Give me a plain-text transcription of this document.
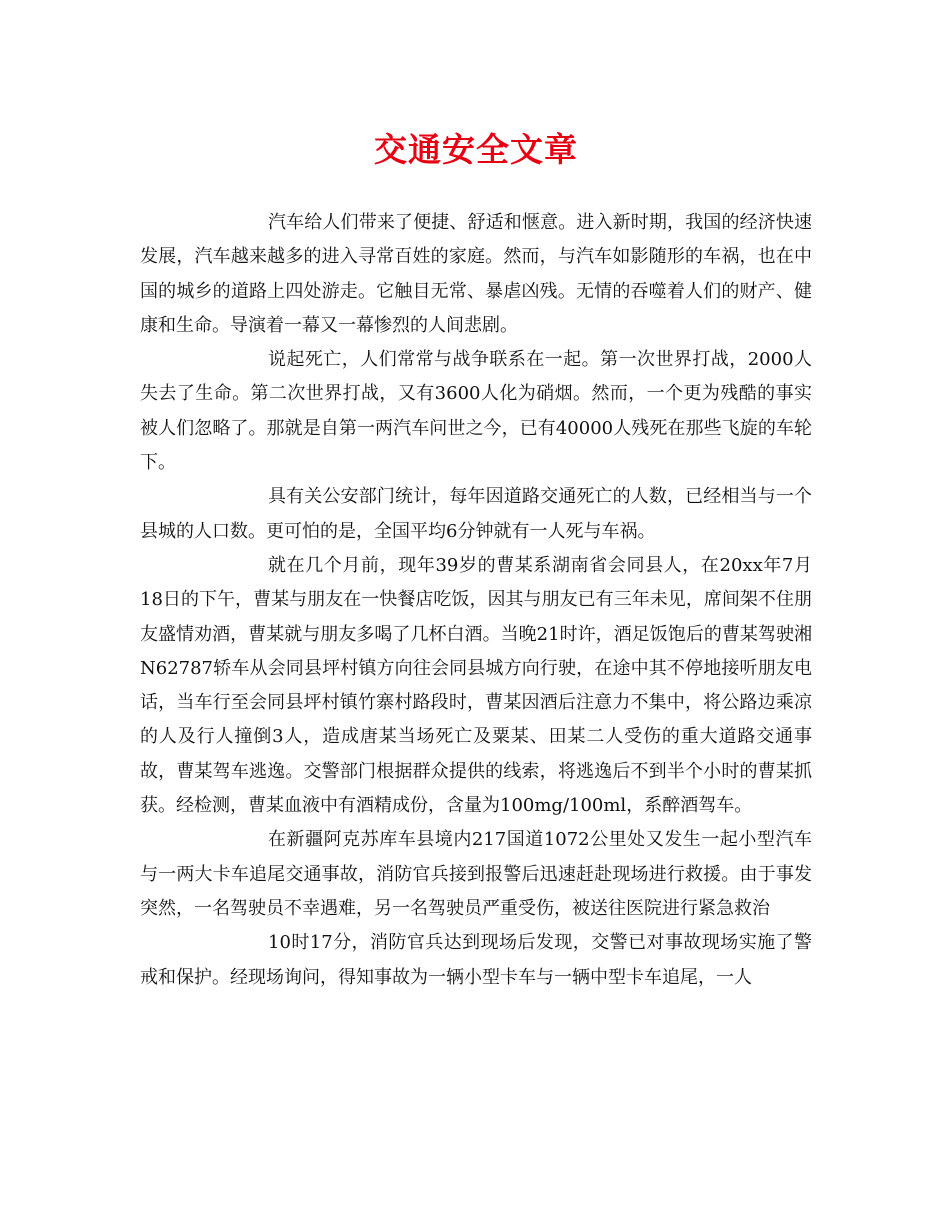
交通安全文章

汽车给人们带来了便捷、舒适和惬意。进入新时期，我国的经济快速发展，汽车越来越多的进入寻常百姓的家庭。然而，与汽车如影随形的车祸，也在中国的城乡的道路上四处游走。它触目无常、暴虐凶残。无情的吞噬着人们的财产、健康和生命。导演着一幕又一幕惨烈的人间悲剧。

说起死亡，人们常常与战争联系在一起。第一次世界打战，2000人失去了生命。第二次世界打战，又有3600人化为硝烟。然而，一个更为残酷的事实被人们忽略了。那就是自第一两汽车问世之今，已有40000人残死在那些飞旋的车轮下。

具有关公安部门统计，每年因道路交通死亡的人数，已经相当与一个县城的人口数。更可怕的是，全国平均6分钟就有一人死与车祸。

就在几个月前，现年39岁的曹某系湖南省会同县人，在20xx年7月18日的下午，曹某与朋友在一快餐店吃饭，因其与朋友已有三年未见，席间架不住朋友盛情劝酒，曹某就与朋友多喝了几杯白酒。当晚21时许，酒足饭饱后的曹某驾驶湘N62787轿车从会同县坪村镇方向往会同县城方向行驶，在途中其不停地接听朋友电话，当车行至会同县坪村镇竹寨村路段时，曹某因酒后注意力不集中，将公路边乘凉的人及行人撞倒3人，造成唐某当场死亡及粟某、田某二人受伤的重大道路交通事故，曹某驾车逃逸。交警部门根据群众提供的线索，将逃逸后不到半个小时的曹某抓获。经检测，曹某血液中有酒精成份，含量为100mg/100ml，系醉酒驾车。

在新疆阿克苏库车县境内217国道1072公里处又发生一起小型汽车与一两大卡车追尾交通事故，消防官兵接到报警后迅速赶赴现场进行救援。由于事发突然，一名驾驶员不幸遇难，另一名驾驶员严重受伤，被送往医院进行紧急救治

10时17分，消防官兵达到现场后发现，交警已对事故现场实施了警戒和保护。经现场询问，得知事故为一辆小型卡车与一辆中型卡车追尾，一人
